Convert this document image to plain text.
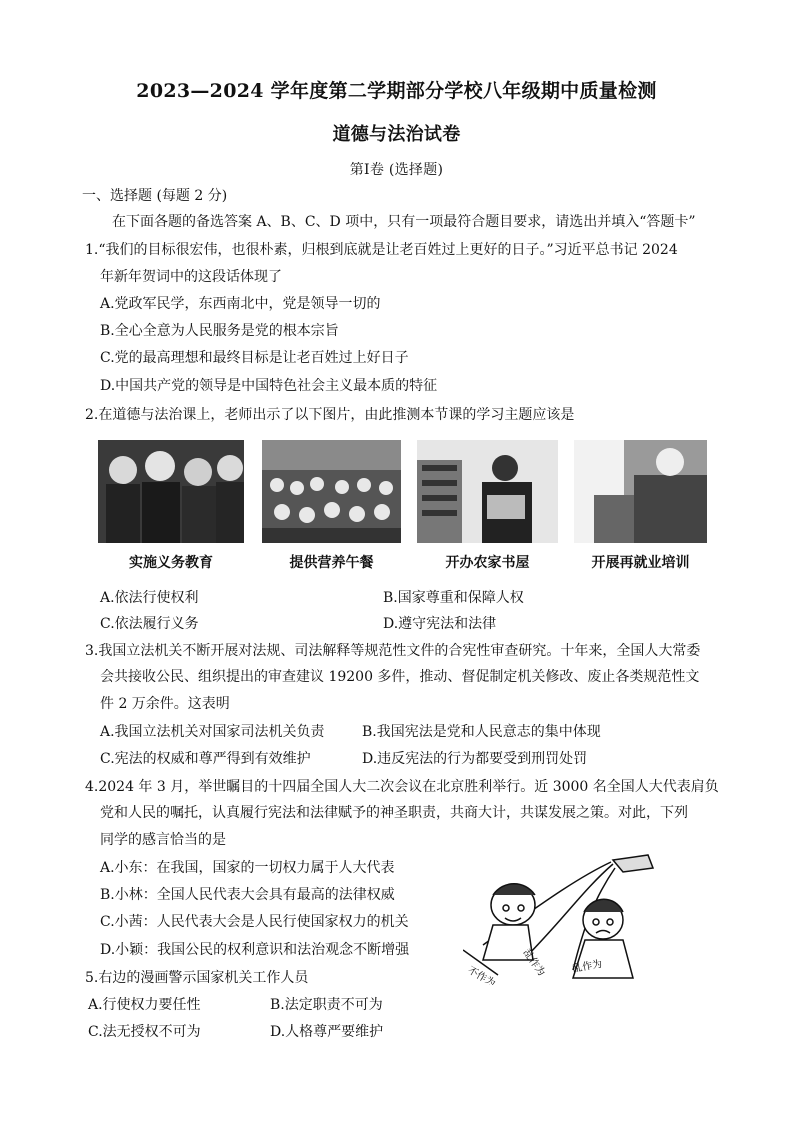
2023—2024 学年度第二学期部分学校八年级期中质量检测
道德与法治试卷
第Ⅰ卷 (选择题)
一、选择题 (每题 2 分)
在下面各题的备选答案 A、B、C、D 项中，只有一项最符合题目要求，请选出并填入“答题卡”
1.“我们的目标很宏伟，也很朴素，归根到底就是让老百姓过上更好的日子。”习近平总书记 2024
年新年贺词中的这段话体现了
A.党政军民学，东西南北中，党是领导一切的
B.全心全意为人民服务是党的根本宗旨
C.党的最高理想和最终目标是让老百姓过上好日子
D.中国共产党的领导是中国特色社会主义最本质的特征
2.在道德与法治课上，老师出示了以下图片，由此推测本节课的学习主题应该是
实施义务教育	提供营养午餐	开办农家书屋	开展再就业培训
A.依法行使权利	B.国家尊重和保障人权
C.依法履行义务	D.遵守宪法和法律
3.我国立法机关不断开展对法规、司法解释等规范性文件的合宪性审查研究。十年来，全国人大常委
会共接收公民、组织提出的审查建议 19200 多件，推动、督促制定机关修改、废止各类规范性文
件 2 万余件。这表明
A.我国立法机关对国家司法机关负责	B.我国宪法是党和人民意志的集中体现
C.宪法的权威和尊严得到有效维护	D.违反宪法的行为都要受到刑罚处罚
4.2024 年 3 月，举世瞩目的十四届全国人大二次会议在北京胜利举行。近 3000 名全国人大代表肩负
党和人民的嘱托，认真履行宪法和法律赋予的神圣职责，共商大计，共谋发展之策。对此，下列
同学的感言恰当的是
A.小东：在我国，国家的一切权力属于人大代表
B.小林：全国人民代表大会具有最高的法律权威
C.小茜：人民代表大会是人民行使国家权力的机关
D.小颖：我国公民的权利意识和法治观念不断增强	乱作为 乱作为
不作为
5.右边的漫画警示国家机关工作人员
A.行使权力要任性	B.法定职责不可为
C.法无授权不可为	D.人格尊严要维护
